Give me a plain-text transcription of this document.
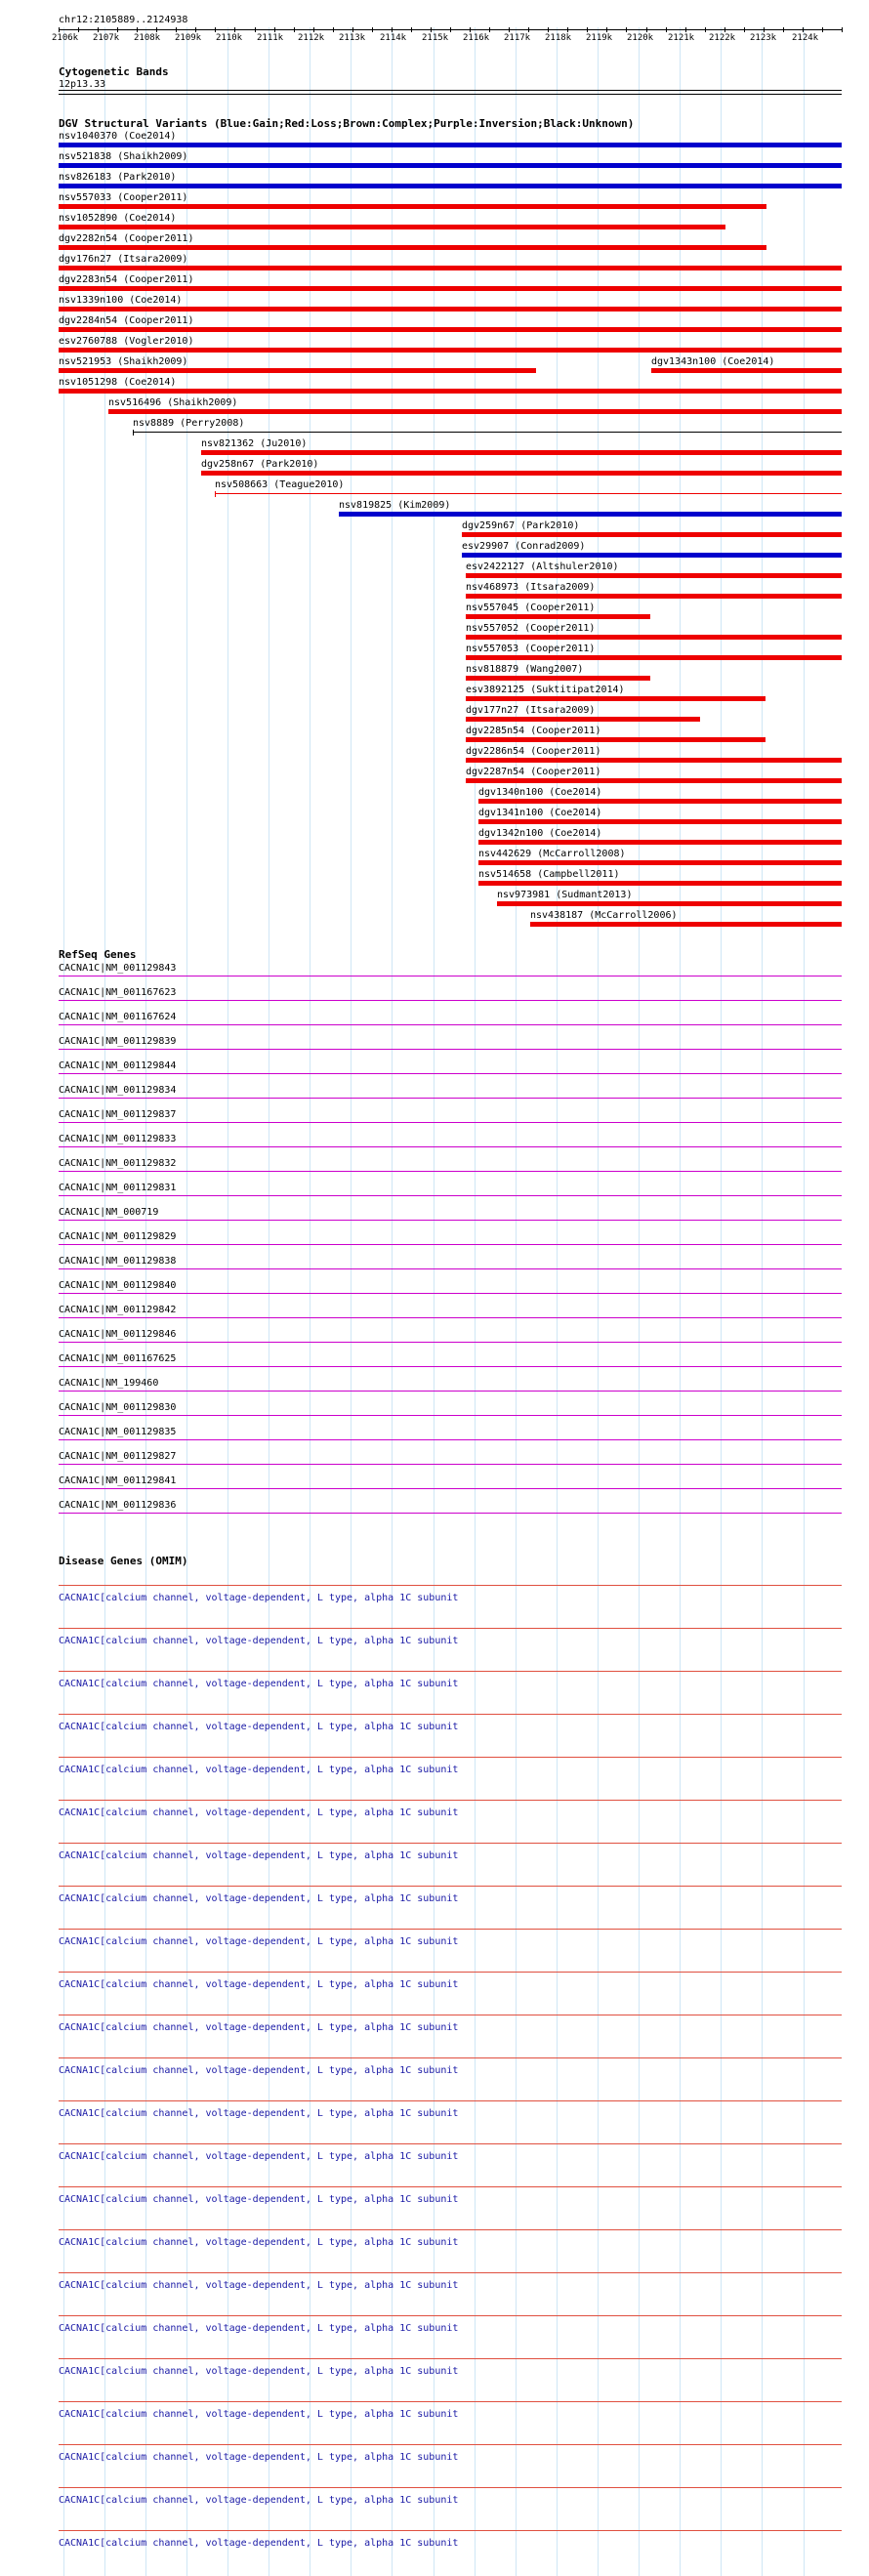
chr12:2105889..2124938
2106k 2107k 2108k 2109k 2110k 2111k 2112k 2113k 2114k 2115k 2116k 2117k 2118k 2119k 2120k 2121k 2122k 2123k 2124k
Cytogenetic Bands
12p13.33
DGV Structural Variants (Blue:Gain;Red:Loss;Brown:Complex;Purple:Inversion;Black:Unknown)
nsv1040370 (Coe2014)
nsv521838 (Shaikh2009)
nsv826183 (Park2010)
nsv557033 (Cooper2011)
nsv1052890 (Coe2014)
dgv2282n54 (Cooper2011)
dgv176n27 (Itsara2009)
dgv2283n54 (Cooper2011)
nsv1339n100 (Coe2014)
dgv2284n54 (Cooper2011)
esv2760788 (Vogler2010)
nsv521953 (Shaikh2009)	dgv1343n100 (Coe2014)
nsv1051298 (Coe2014)
nsv516496 (Shaikh2009)
nsv8889 (Perry2008)
nsv821362 (Ju2010)
dgv258n67 (Park2010)
nsv508663 (Teague2010)
nsv819825 (Kim2009)
dgv259n67 (Park2010)
esv29907 (Conrad2009)
esv2422127 (Altshuler2010)
nsv468973 (Itsara2009)
nsv557045 (Cooper2011)
nsv557052 (Cooper2011)
nsv557053 (Cooper2011)
nsv818879 (Wang2007)
esv3892125 (Suktitipat2014)
dgv177n27 (Itsara2009)
dgv2285n54 (Cooper2011)
dgv2286n54 (Cooper2011)
dgv2287n54 (Cooper2011)
dgv1340n100 (Coe2014)
dgv1341n100 (Coe2014)
dgv1342n100 (Coe2014)
nsv442629 (McCarroll2008)
nsv514658 (Campbell2011)
nsv973981 (Sudmant2013)
nsv438187 (McCarroll2006)
RefSeq Genes
CACNA1C|NM_001129843
CACNA1C|NM_001167623
CACNA1C|NM_001167624
CACNA1C|NM_001129839
CACNA1C|NM_001129844
CACNA1C|NM_001129834
CACNA1C|NM_001129837
CACNA1C|NM_001129833
CACNA1C|NM_001129832
CACNA1C|NM_001129831
CACNA1C|NM_000719
CACNA1C|NM_001129829
CACNA1C|NM_001129838
CACNA1C|NM_001129840
CACNA1C|NM_001129842
CACNA1C|NM_001129846
CACNA1C|NM_001167625
CACNA1C|NM_199460
CACNA1C|NM_001129830
CACNA1C|NM_001129835
CACNA1C|NM_001129827
CACNA1C|NM_001129841
CACNA1C|NM_001129836
Disease Genes (OMIM)
CACNA1C[calcium channel, voltage-dependent, L type, alpha 1C subunit
CACNA1C[calcium channel, voltage-dependent, L type, alpha 1C subunit
CACNA1C[calcium channel, voltage-dependent, L type, alpha 1C subunit
CACNA1C[calcium channel, voltage-dependent, L type, alpha 1C subunit
CACNA1C[calcium channel, voltage-dependent, L type, alpha 1C subunit
CACNA1C[calcium channel, voltage-dependent, L type, alpha 1C subunit
CACNA1C[calcium channel, voltage-dependent, L type, alpha 1C subunit
CACNA1C[calcium channel, voltage-dependent, L type, alpha 1C subunit
CACNA1C[calcium channel, voltage-dependent, L type, alpha 1C subunit
CACNA1C[calcium channel, voltage-dependent, L type, alpha 1C subunit
CACNA1C[calcium channel, voltage-dependent, L type, alpha 1C subunit
CACNA1C[calcium channel, voltage-dependent, L type, alpha 1C subunit
CACNA1C[calcium channel, voltage-dependent, L type, alpha 1C subunit
CACNA1C[calcium channel, voltage-dependent, L type, alpha 1C subunit
CACNA1C[calcium channel, voltage-dependent, L type, alpha 1C subunit
CACNA1C[calcium channel, voltage-dependent, L type, alpha 1C subunit
CACNA1C[calcium channel, voltage-dependent, L type, alpha 1C subunit
CACNA1C[calcium channel, voltage-dependent, L type, alpha 1C subunit
CACNA1C[calcium channel, voltage-dependent, L type, alpha 1C subunit
CACNA1C[calcium channel, voltage-dependent, L type, alpha 1C subunit
CACNA1C[calcium channel, voltage-dependent, L type, alpha 1C subunit
CACNA1C[calcium channel, voltage-dependent, L type, alpha 1C subunit
CACNA1C[calcium channel, voltage-dependent, L type, alpha 1C subunit
